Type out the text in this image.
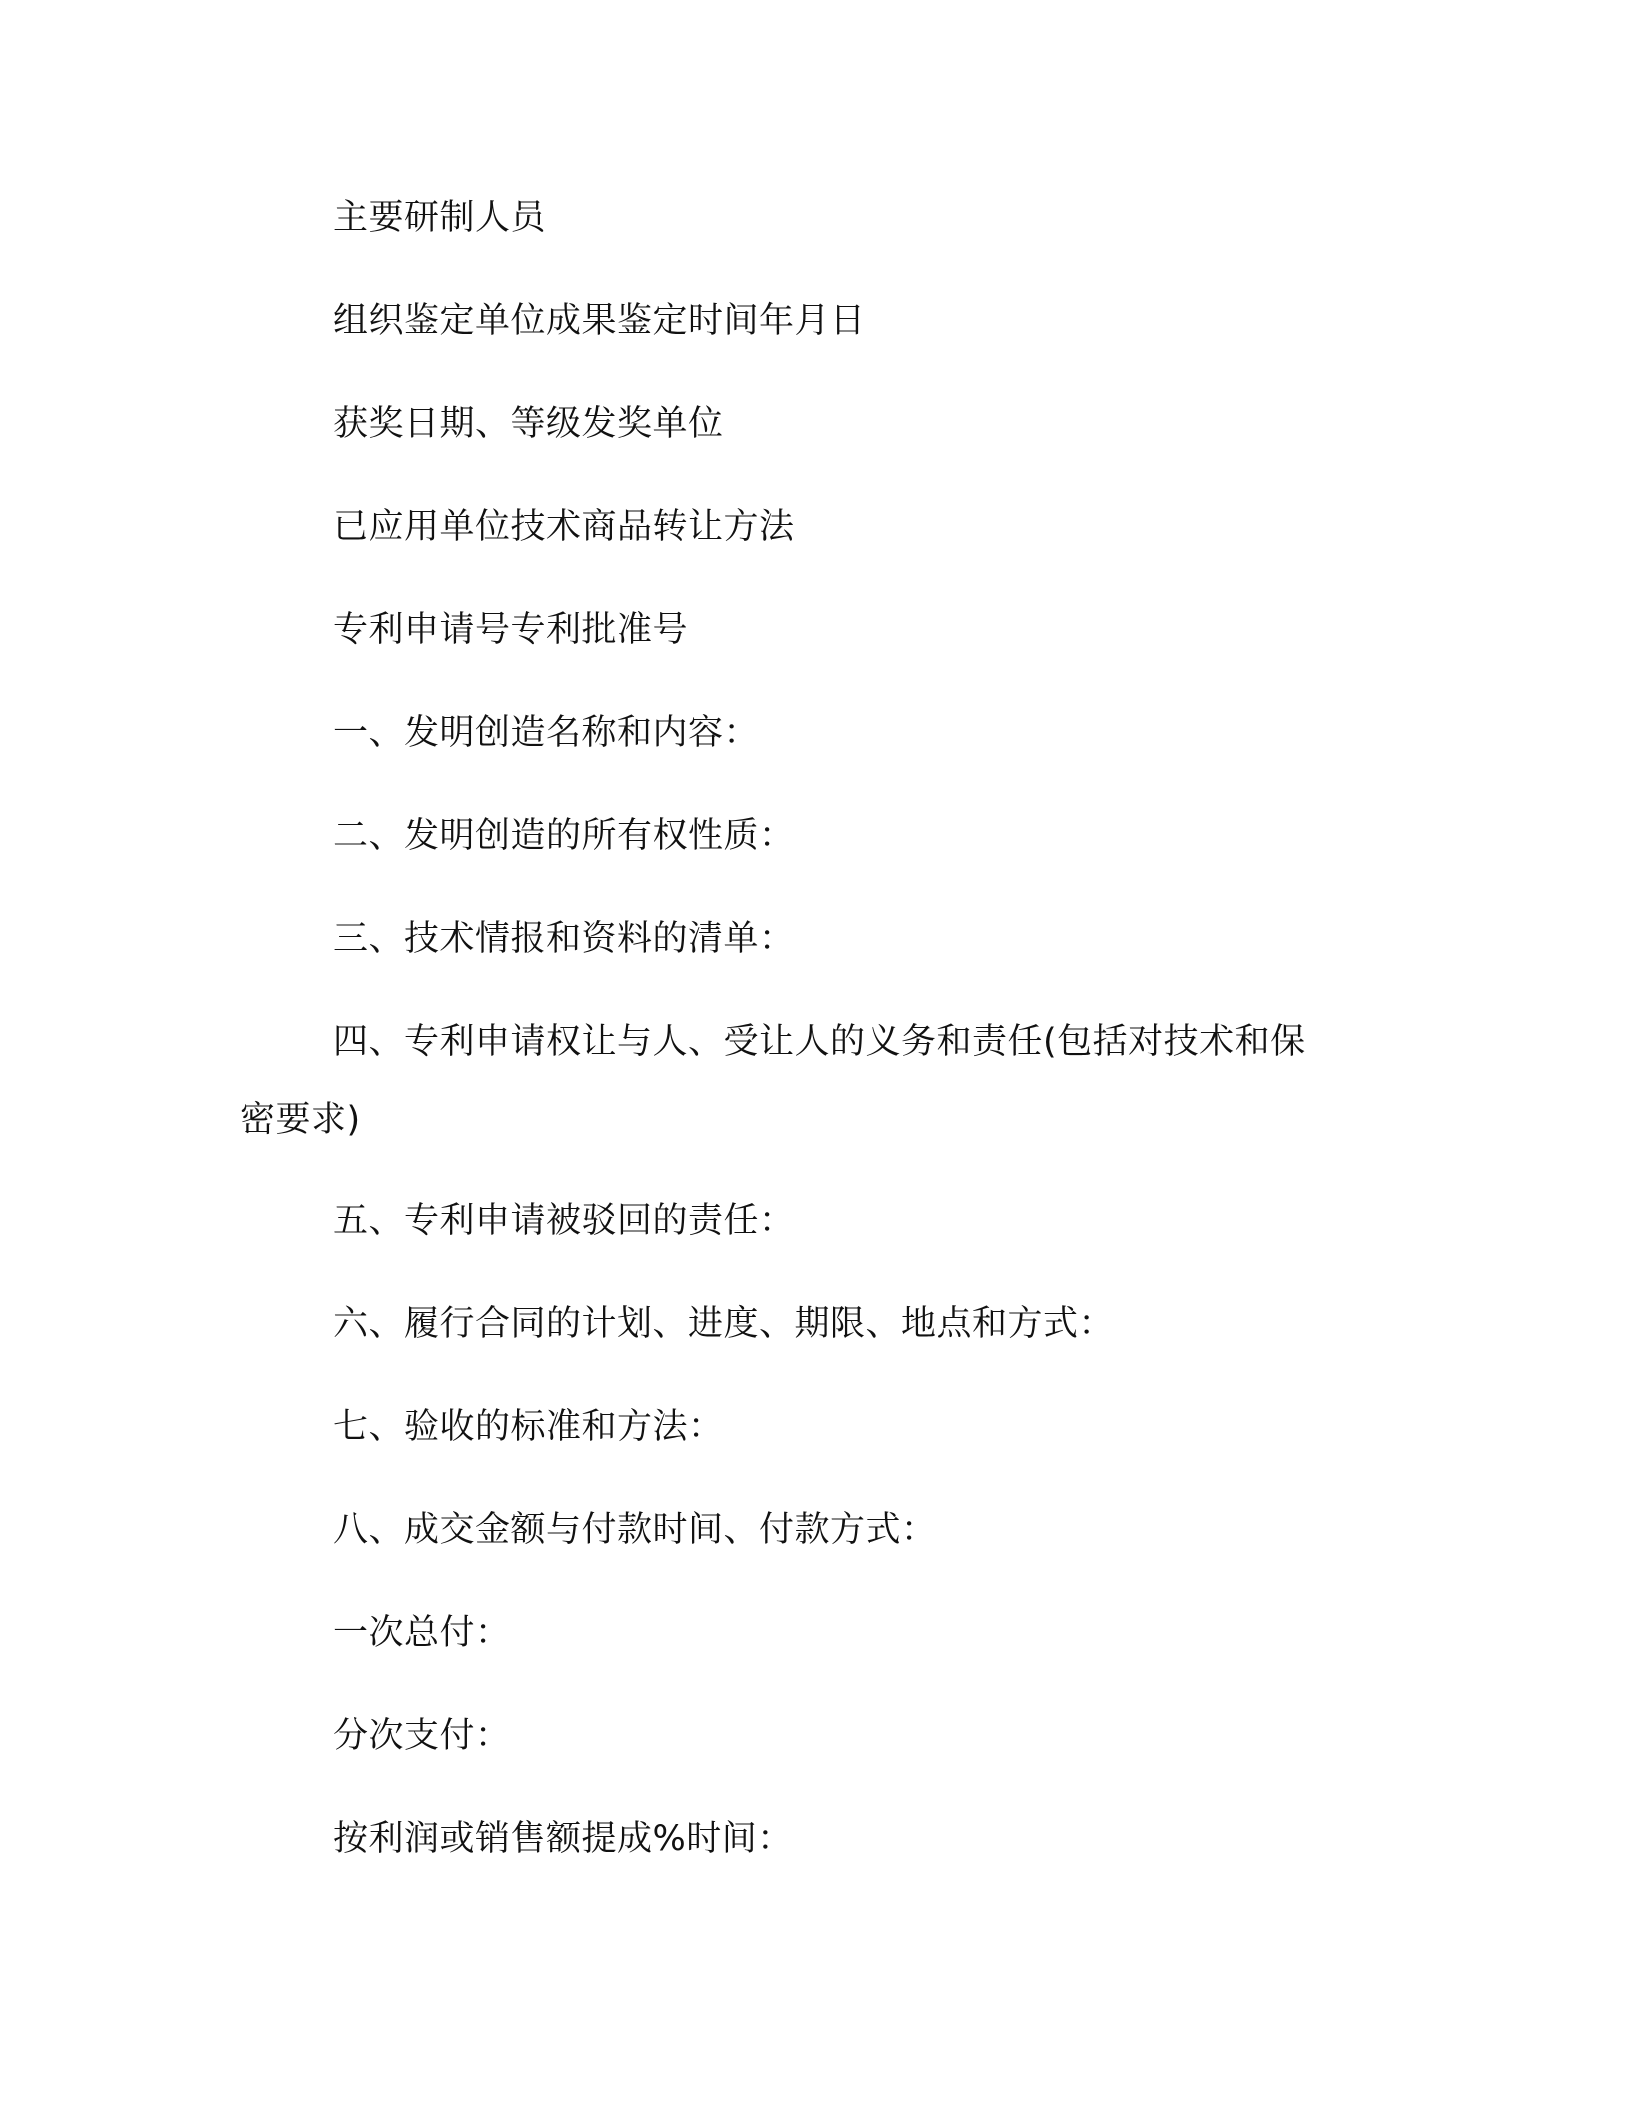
主要研制人员
组织鉴定单位成果鉴定时间年月日
获奖日期、等级发奖单位
已应用单位技术商品转让方法
专利申请号专利批准号
一、发明创造名称和内容：
二、发明创造的所有权性质：
三、技术情报和资料的清单：
四、专利申请权让与人、受让人的义务和责任(包括对技术和保
密要求)
五、专利申请被驳回的责任：
六、履行合同的计划、进度、期限、地点和方式：
七、验收的标准和方法：
八、成交金额与付款时间、付款方式：
一次总付：
分次支付：
按利润或销售额提成%时间：
